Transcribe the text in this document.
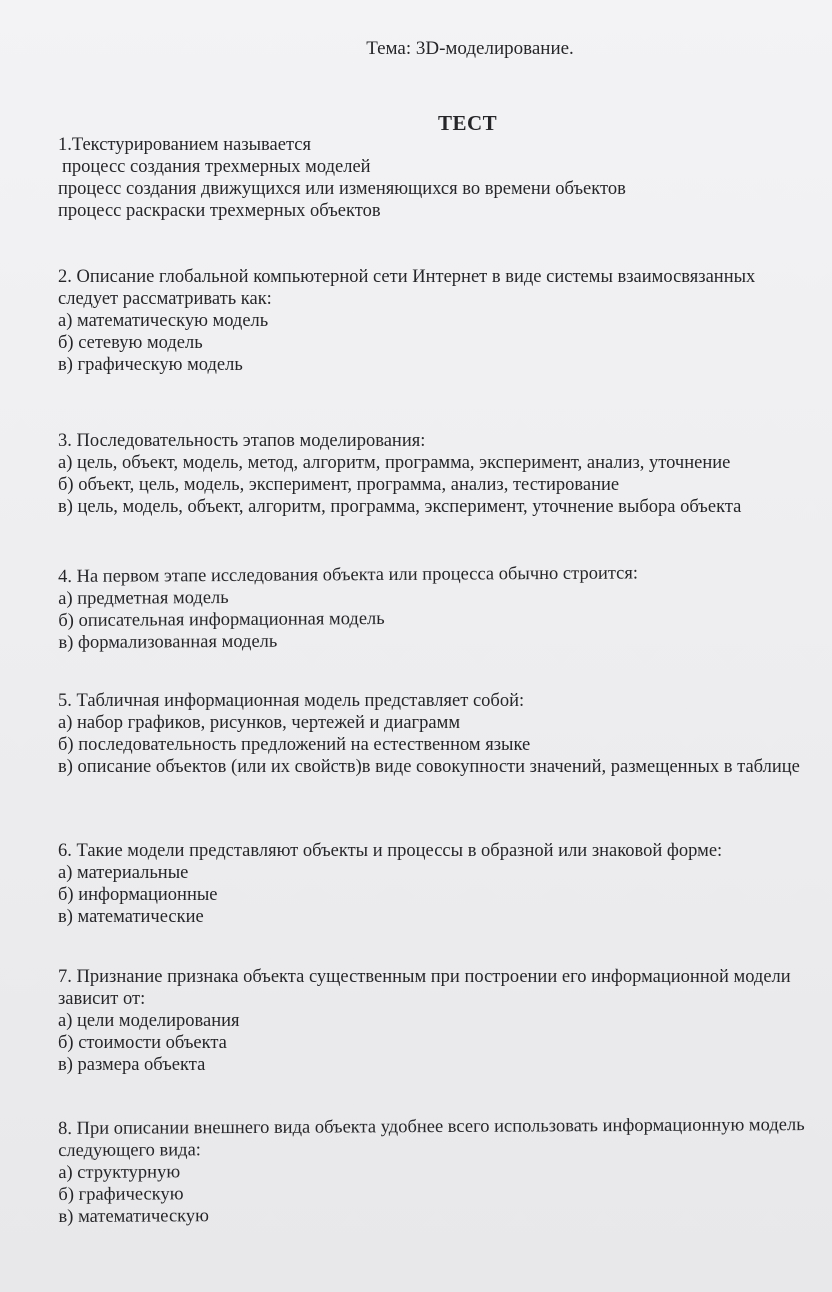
Тема: 3D-моделирование.
ТЕСТ
1.Текстурированием называется
процесс создания трехмерных моделей
процесс создания движущихся или изменяющихся во времени объектов
процесс раскраски трехмерных объектов
2. Описание глобальной компьютерной сети Интернет в виде системы взаимосвязанных
следует рассматривать как:
а) математическую модель
б) сетевую модель
в) графическую модель
3. Последовательность этапов моделирования:
а) цель, объект, модель, метод, алгоритм, программа, эксперимент, анализ, уточнение
б) объект, цель, модель, эксперимент, программа, анализ, тестирование
в) цель, модель, объект, алгоритм, программа, эксперимент, уточнение выбора объекта
4. На первом этапе исследования объекта или процесса обычно строится:
а) предметная модель
б) описательная информационная модель
в) формализованная модель
5. Табличная информационная модель представляет собой:
а) набор графиков, рисунков, чертежей и диаграмм
б) последовательность предложений на естественном языке
в) описание объектов (или их свойств)в виде совокупности значений, размещенных в таблице
6. Такие модели представляют объекты и процессы в образной или знаковой форме:
а) материальные
б) информационные
в) математические
7. Признание признака объекта существенным при построении его информационной модели зависит от:
а) цели моделирования
б) стоимости объекта
в) размера объекта
8. При описании внешнего вида объекта удобнее всего использовать информационную модель следующего вида:
а) структурную
б) графическую
в) математическую
